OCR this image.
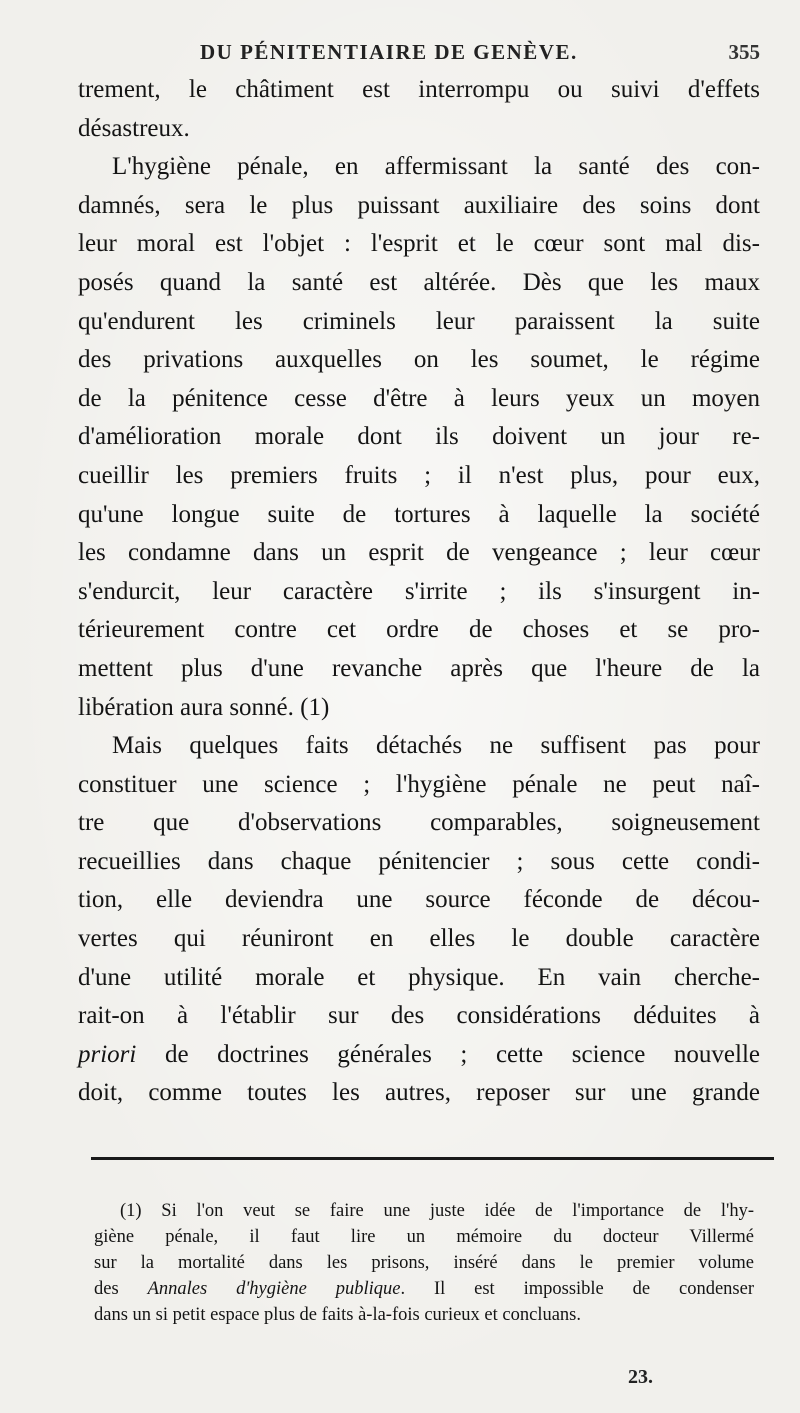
DU PÉNITENTIAIRE DE GENÈVE.	355
trement, le châtiment est interrompu ou suivi d'effets
désastreux.
L'hygiène pénale, en affermissant la santé des con-
damnés, sera le plus puissant auxiliaire des soins dont
leur moral est l'objet : l'esprit et le cœur sont mal dis-
posés quand la santé est altérée. Dès que les maux
qu'endurent les criminels leur paraissent la suite
des privations auxquelles on les soumet, le régime
de la pénitence cesse d'être à leurs yeux un moyen
d'amélioration morale dont ils doivent un jour re-
cueillir les premiers fruits ; il n'est plus, pour eux,
qu'une longue suite de tortures à laquelle la société
les condamne dans un esprit de vengeance ; leur cœur
s'endurcit, leur caractère s'irrite ; ils s'insurgent in-
térieurement contre cet ordre de choses et se pro-
mettent plus d'une revanche après que l'heure de la
libération aura sonné. (1)
Mais quelques faits détachés ne suffisent pas pour
constituer une science ; l'hygiène pénale ne peut naî-
tre que d'observations comparables, soigneusement
recueillies dans chaque pénitencier ; sous cette condi-
tion, elle deviendra une source féconde de décou-
vertes qui réuniront en elles le double caractère
d'une utilité morale et physique. En vain cherche-
rait-on à l'établir sur des considérations déduites à
priori de doctrines générales ; cette science nouvelle
doit, comme toutes les autres, reposer sur une grande
(1) Si l'on veut se faire une juste idée de l'importance de l'hy-
giène pénale, il faut lire un mémoire du docteur Villermé
sur la mortalité dans les prisons, inséré dans le premier volume
des Annales d'hygiène publique. Il est impossible de condenser
dans un si petit espace plus de faits à-la-fois curieux et concluans.
23.
